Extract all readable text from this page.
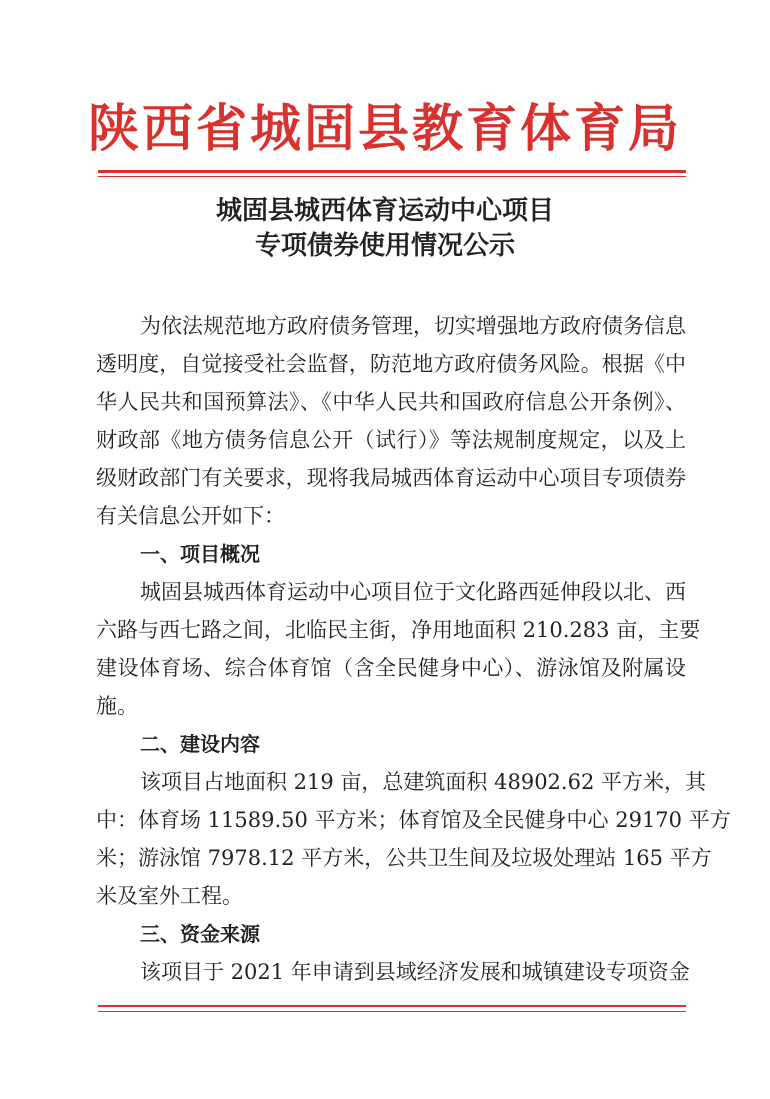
陕西省城固县教育体育局
城固县城西体育运动中心项目
专项债券使用情况公示
为依法规范地方政府债务管理，切实增强地方政府债务信息
透明度，自觉接受社会监督，防范地方政府债务风险。根据《中
华人民共和国预算法》、《中华人民共和国政府信息公开条例》、
财政部《地方债务信息公开（试行）》等法规制度规定，以及上
级财政部门有关要求，现将我局城西体育运动中心项目专项债券
有关信息公开如下：
一、项目概况
城固县城西体育运动中心项目位于文化路西延伸段以北、西
六路与西七路之间，北临民主街，净用地面积 210.283 亩，主要
建设体育场、综合体育馆（含全民健身中心）、游泳馆及附属设
施。
二、建设内容
该项目占地面积 219 亩，总建筑面积 48902.62 平方米，其
中：体育场 11589.50 平方米；体育馆及全民健身中心 29170 平方
米；游泳馆 7978.12 平方米，公共卫生间及垃圾处理站 165 平方
米及室外工程。
三、资金来源
该项目于 2021 年申请到县域经济发展和城镇建设专项资金
